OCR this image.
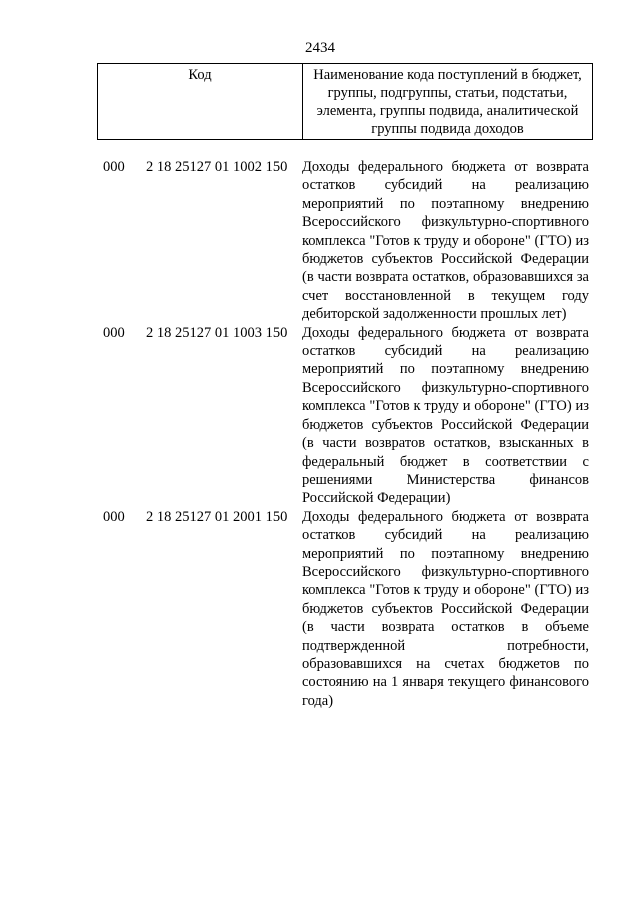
2434
Код	Наименование кода поступлений в бюджет, группы, подгруппы, статьи, подстатьи, элемента, группы подвида, аналитической группы подвида доходов
000	2 18 25127 01 1002 150	Доходы федерального бюджета от возврата остатков субсидий на реализацию мероприятий по поэтапному внедрению Всероссийского физкультурно-спортивного комплекса "Готов к труду и обороне" (ГТО) из бюджетов субъектов Российской Федерации (в части возврата остатков, образовавшихся за счет восстановленной в текущем году дебиторской задолженности прошлых лет)
000	2 18 25127 01 1003 150	Доходы федерального бюджета от возврата остатков субсидий на реализацию мероприятий по поэтапному внедрению Всероссийского физкультурно-спортивного комплекса "Готов к труду и обороне" (ГТО) из бюджетов субъектов Российской Федерации (в части возвратов остатков, взысканных в федеральный бюджет в соответствии с решениями Министерства финансов Российской Федерации)
000	2 18 25127 01 2001 150	Доходы федерального бюджета от возврата остатков субсидий на реализацию мероприятий по поэтапному внедрению Всероссийского физкультурно-спортивного комплекса "Готов к труду и обороне" (ГТО) из бюджетов субъектов Российской Федерации (в части возврата остатков в объеме подтвержденной потребности, образовавшихся на счетах бюджетов по состоянию на 1 января текущего финансового года)
